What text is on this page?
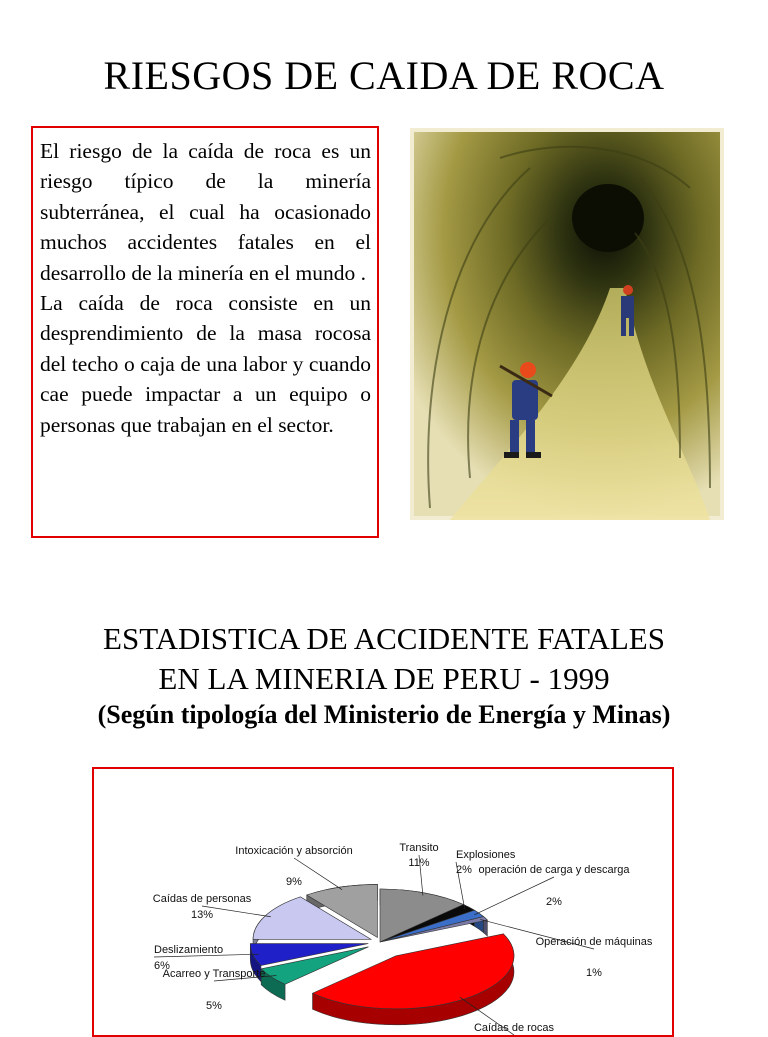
RIESGOS DE CAIDA DE ROCA

El riesgo de la caída de roca es un riesgo típico de la minería subterránea, el cual ha ocasionado muchos accidentes fatales en el desarrollo de la minería en el mundo .

La caída de roca consiste en un desprendimiento de la masa rocosa del techo o caja de una labor y cuando cae puede impactar a un equipo o personas que trabajan en el sector.

ESTADISTICA DE ACCIDENTE FATALES
EN LA MINERIA DE PERU - 1999
(Según tipología del Ministerio de Energía y Minas)
Transito
11%
Explosiones
2% operación de carga y descarga
2%
Operación de máquinas
1%
Caídas de rocas
Acarreo y Transporte
5%
Deslizamiento
6%
Caídas de personas
13%
Intoxicación y absorción
9%
